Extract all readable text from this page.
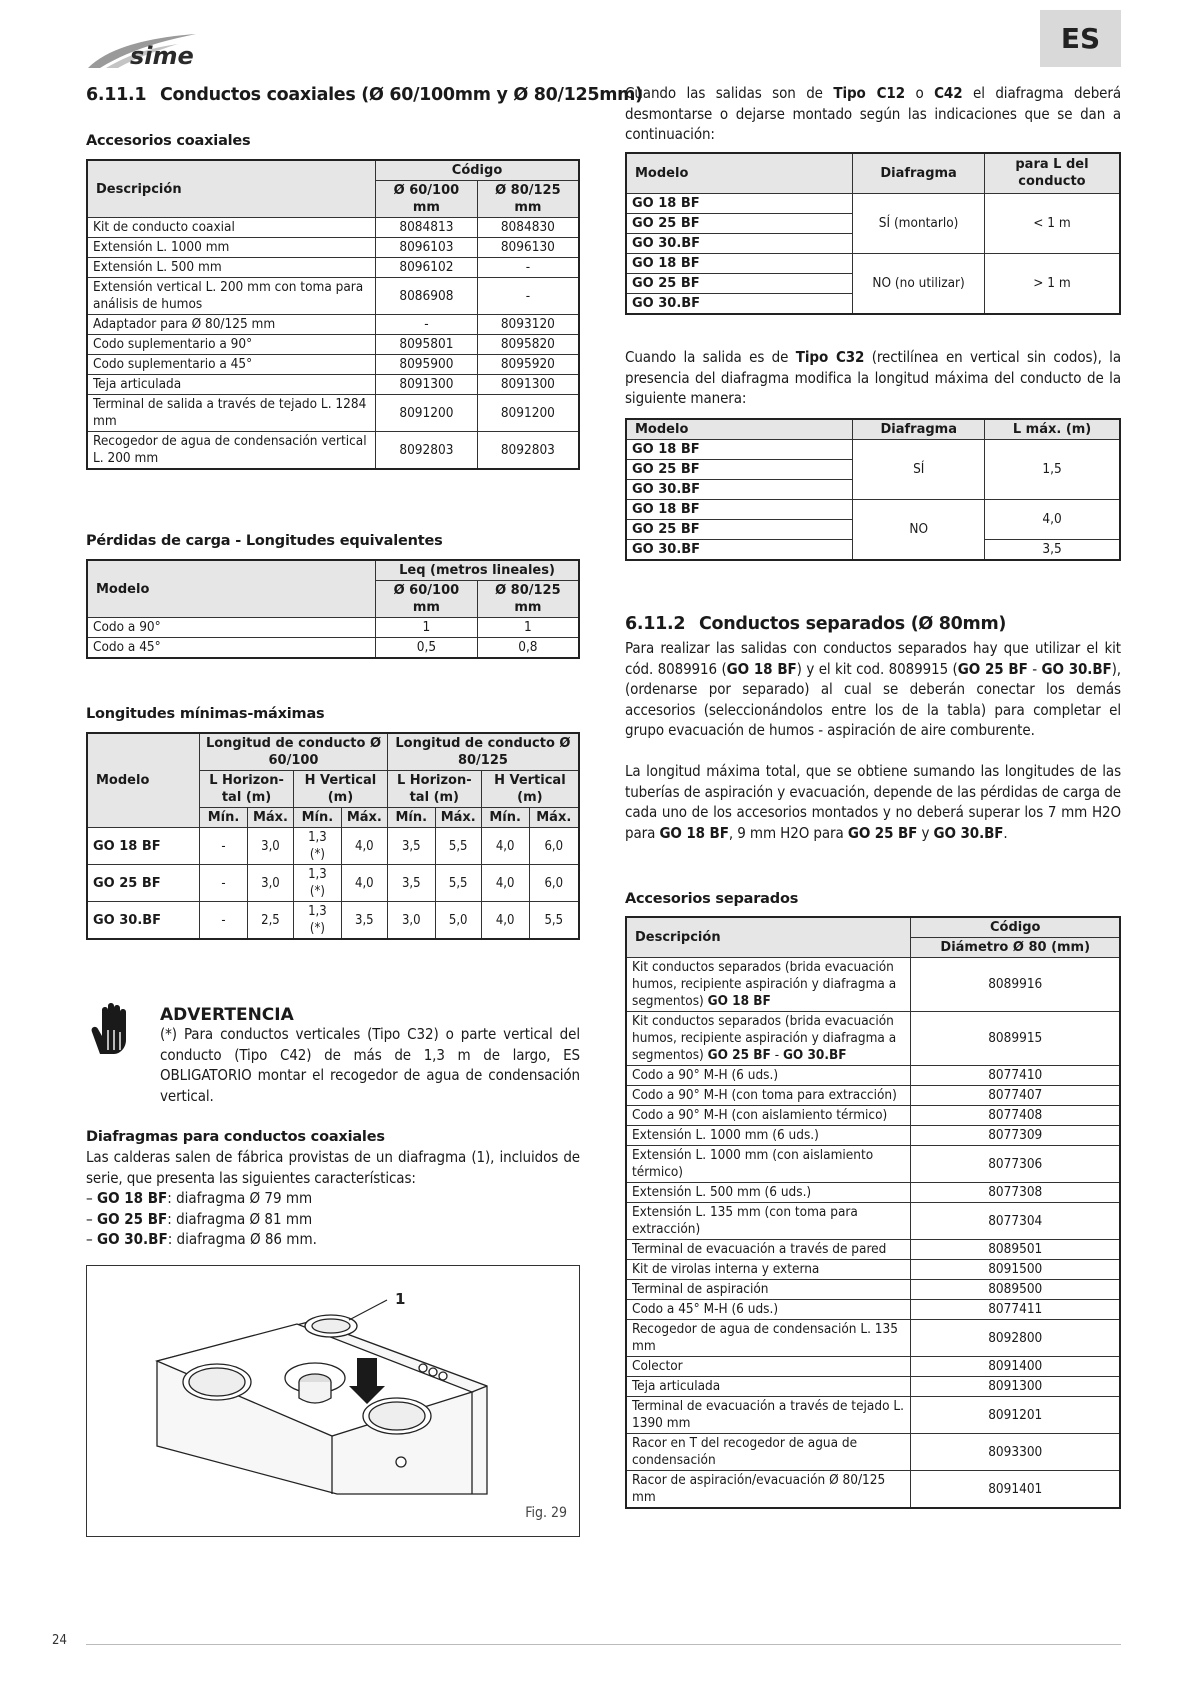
sime
ES
6.11.1 Conductos coaxiales (Ø 60/100mm y Ø 80/125mm)
Accesorios coaxiales
Descripción	Código	
	Ø 60/100 mm	Ø 80/125 mm
Kit de conducto coaxial	8084813	8084830
Extensión L. 1000 mm	8096103	8096130
Extensión L. 500 mm	8096102	-
Extensión vertical L. 200 mm con toma para análisis de humos	8086908	-
Adaptador para Ø 80/125 mm	-	8093120
Codo suplementario a 90°	8095801	8095820
Codo suplementario a 45°	8095900	8095920
Teja articulada	8091300	8091300
Terminal de salida a través de tejado L. 1284 mm	8091200	8091200
Recogedor de agua de condensación vertical L. 200 mm	8092803	8092803
Pérdidas de carga - Longitudes equivalentes
Modelo	Leq (metros lineales)	
	Ø 60/100 mm	Ø 80/125 mm
Codo a 90°	1	1
Codo a 45°	0,5	0,8
Longitudes mínimas-máximas
Modelo	Longitud de conducto Ø 60/100				Longitud de conducto Ø 80/125			
	L Horizon-tal (m)		H Vertical (m)		L Horizon-tal (m)		H Vertical (m)	
	Mín.	Máx.	Mín.	Máx.	Mín.	Máx.	Mín.	Máx.
GO 18 BF	-	3,0	1,3 (*)	4,0	3,5	5,5	4,0	6,0
GO 25 BF	-	3,0	1,3 (*)	4,0	3,5	5,5	4,0	6,0
GO 30.BF	-	2,5	1,3 (*)	3,5	3,0	5,0	4,0	5,5
ADVERTENCIA

(*) Para conductos verticales (Tipo C32) o parte vertical del conducto (Tipo C42) de más de 1,3 m de largo, ES OBLIGATORIO montar el recogedor de agua de condensación vertical.

Diafragmas para conductos coaxiales

Las calderas salen de fábrica provistas de un diafragma (1), incluidos de serie, que presenta las siguientes características:

– GO 18 BF: diafragma Ø 79 mm
– GO 25 BF: diafragma Ø 81 mm
– GO 30.BF: diafragma Ø 86 mm.
1
Fig. 29

Cuando las salidas son de Tipo C12 o C42 el diafragma deberá desmontarse o dejarse montado según las indicaciones que se dan a continuación:

Modelo	Diafragma	para L del conducto
GO 18 BF	SÍ (montarlo)	< 1 m
GO 25 BF		
GO 30.BF		
GO 18 BF	NO (no utilizar)	> 1 m
GO 25 BF		
GO 30.BF		

Cuando la salida es de Tipo C32 (rectilínea en vertical sin codos), la presencia del diafragma modifica la longitud máxima del conducto de la siguiente manera:

Modelo	Diafragma	L máx. (m)
GO 18 BF	SÍ	1,5
GO 25 BF		
GO 30.BF		
GO 18 BF	NO	4,0
GO 25 BF		
GO 30.BF		3,5
6.11.2 Conductos separados (Ø 80mm)

Para realizar las salidas con conductos separados hay que utilizar el kit cód. 8089916 (GO 18 BF) y el kit cod. 8089915 (GO 25 BF - GO 30.BF), (ordenarse por separado) al cual se deberán conectar los demás accesorios (seleccionándolos entre los de la tabla) para completar el grupo evacuación de humos - aspiración de aire comburente.

La longitud máxima total, que se obtiene sumando las longitudes de las tuberías de aspiración y evacuación, depende de las pérdidas de carga de cada uno de los accesorios montados y no deberá superar los 7 mm H2O para GO 18 BF, 9 mm H2O para GO 25 BF y GO 30.BF.

Accesorios separados
Descripción	Código
	Diámetro Ø 80 (mm)
Kit conductos separados (brida evacuación humos, recipiente aspiración y diafragma a segmentos) GO 18 BF	8089916
Kit conductos separados (brida evacuación humos, recipiente aspiración y diafragma a segmentos) GO 25 BF - GO 30.BF	8089915
Codo a 90° M-H (6 uds.)	8077410
Codo a 90° M-H (con toma para extracción)	8077407
Codo a 90° M-H (con aislamiento térmico)	8077408
Extensión L. 1000 mm (6 uds.)	8077309
Extensión L. 1000 mm (con aislamiento térmico)	8077306
Extensión L. 500 mm (6 uds.)	8077308
Extensión L. 135 mm (con toma para extracción)	8077304
Terminal de evacuación a través de pared	8089501
Kit de virolas interna y externa	8091500
Terminal de aspiración	8089500
Codo a 45° M-H (6 uds.)	8077411
Recogedor de agua de condensación L. 135 mm	8092800
Colector	8091400
Teja articulada	8091300
Terminal de evacuación a través de tejado L. 1390 mm	8091201
Racor en T del recogedor de agua de condensación	8093300
Racor de aspiración/evacuación Ø 80/125 mm	8091401
24
